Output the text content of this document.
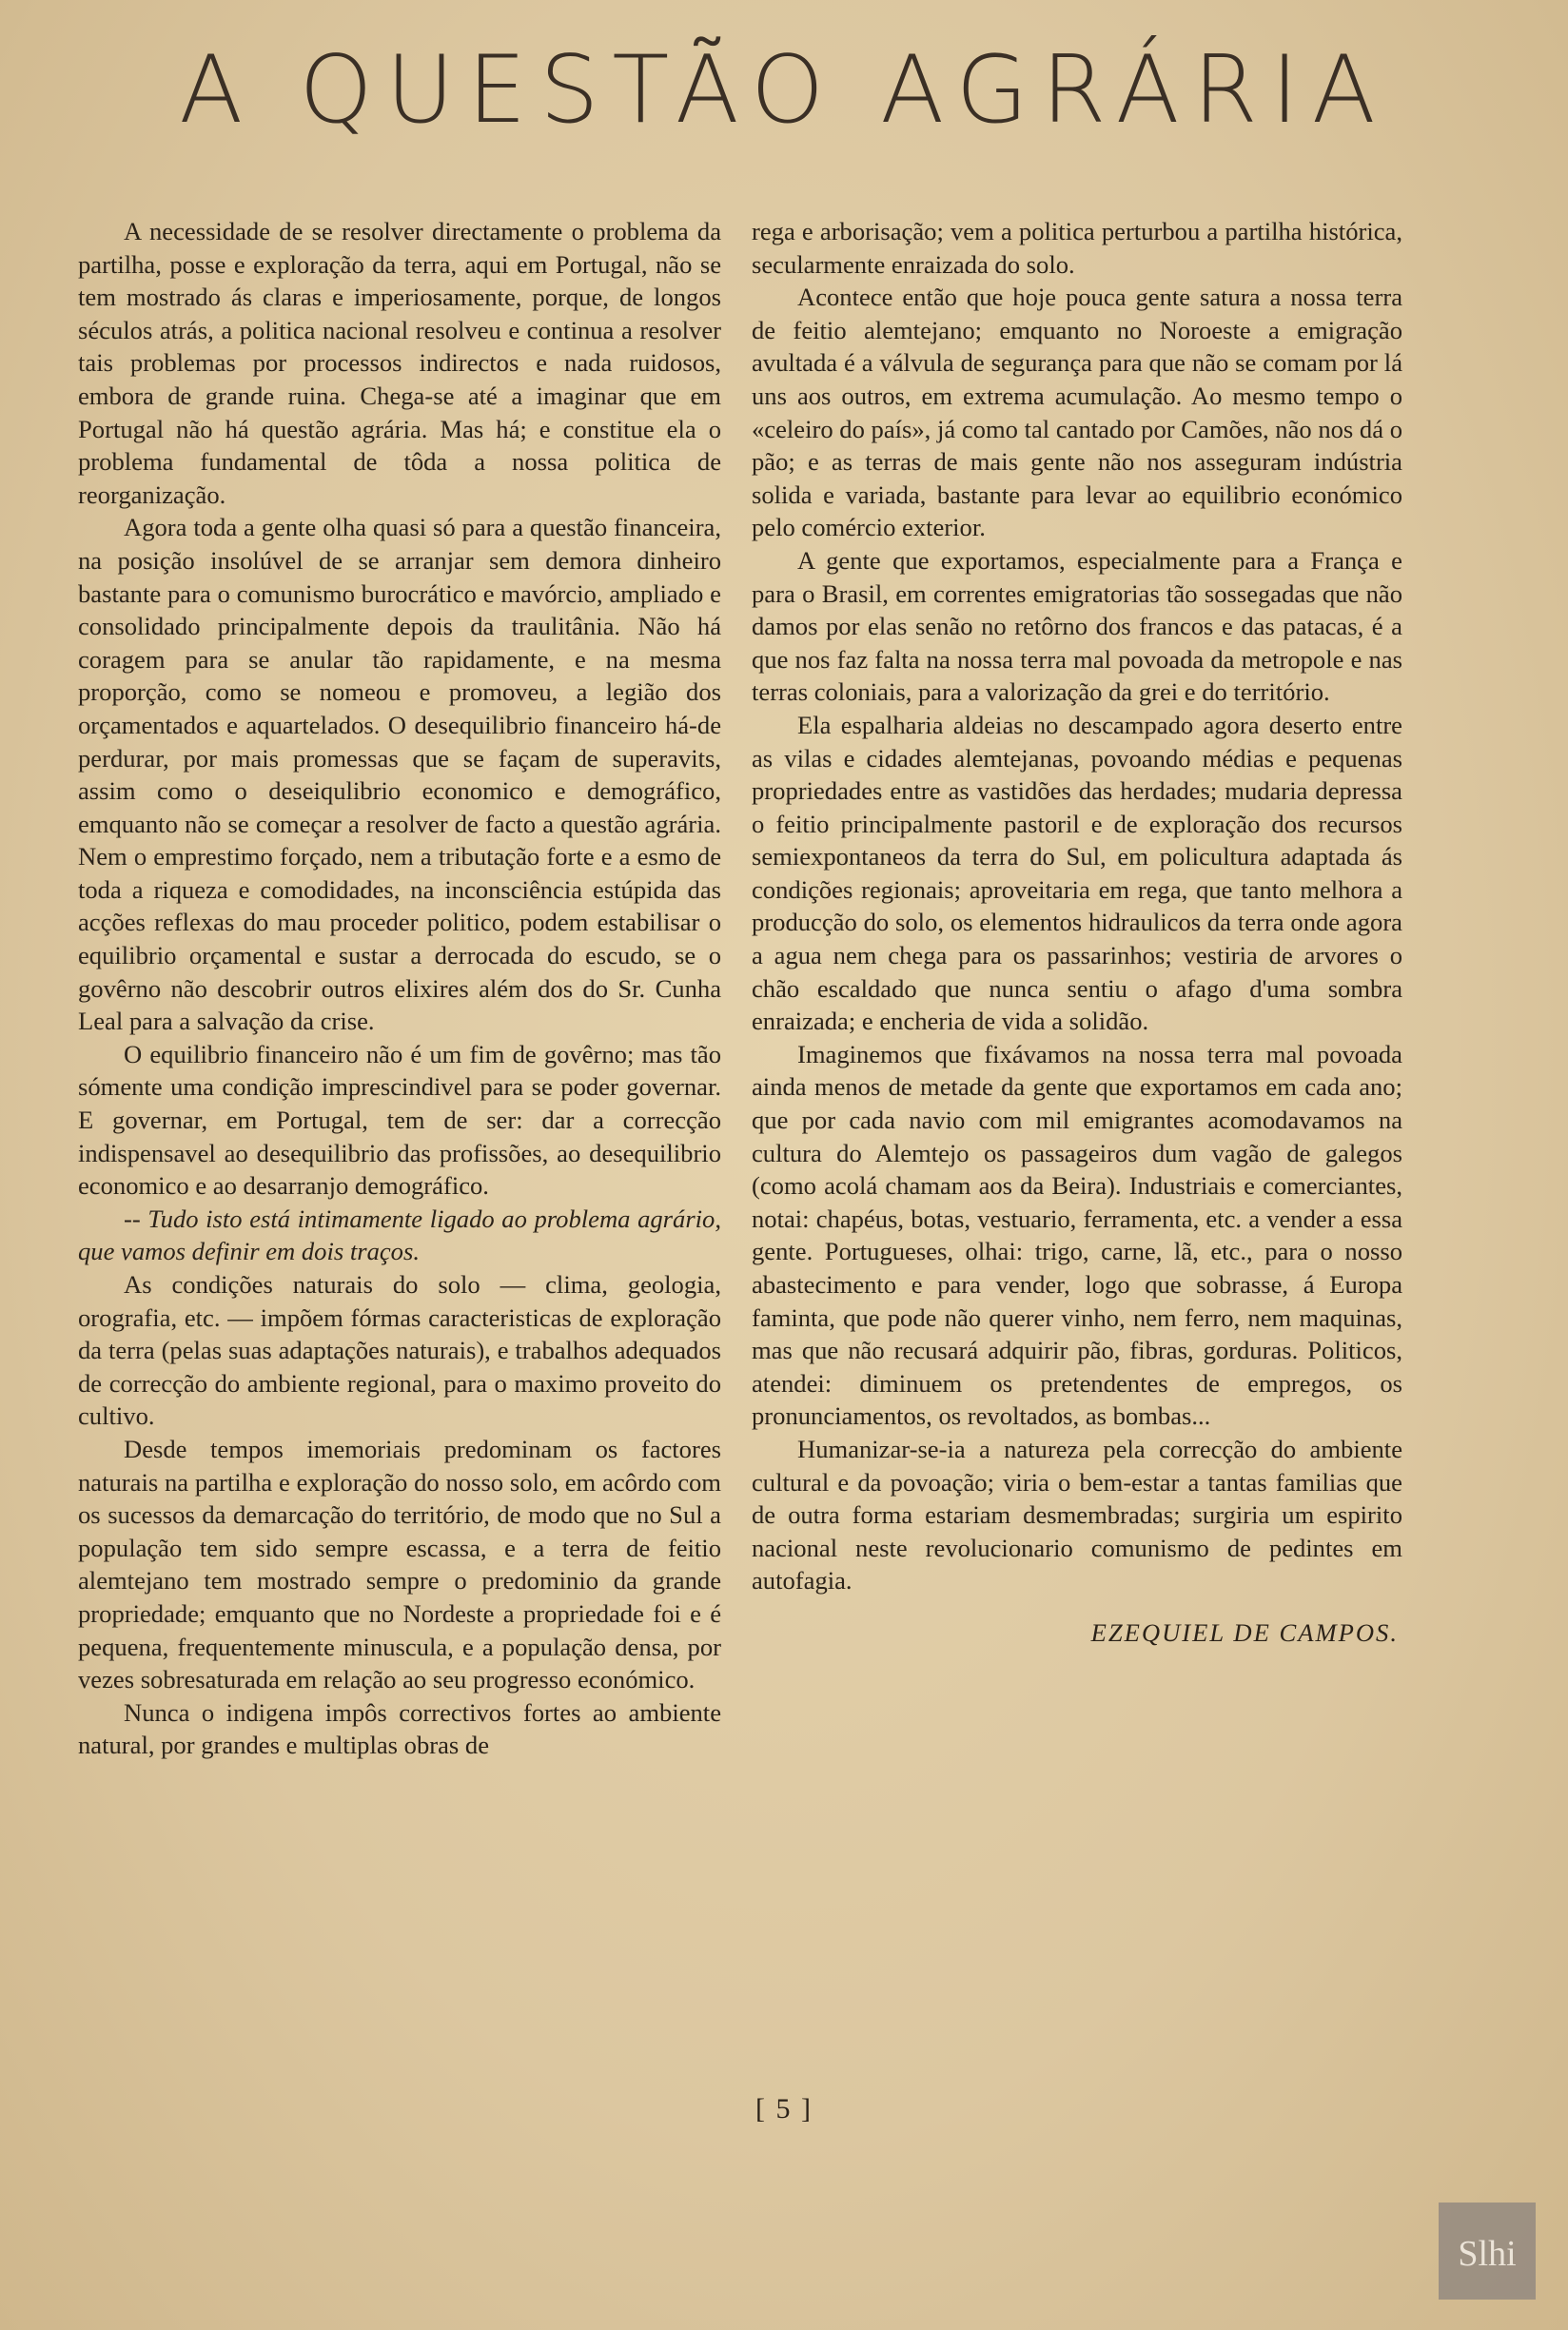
A QUESTÃO AGRÁRIA

A necessidade de se resolver directamente o problema da partilha, posse e exploração da terra, aqui em Portugal, não se tem mostrado ás claras e imperiosamente, porque, de longos séculos atrás, a politica nacional resolveu e continua a resolver tais problemas por processos indirectos e nada ruidosos, embora de grande ruina. Chega-se até a imaginar que em Portugal não há questão agrária. Mas há; e constitue ela o problema fundamental de tôda a nossa politica de reorganização.

Agora toda a gente olha quasi só para a questão financeira, na posição insolúvel de se arranjar sem demora dinheiro bastante para o comunismo burocrático e mavórcio, ampliado e consolidado principalmente depois da traulitânia. Não há coragem para se anular tão rapidamente, e na mesma proporção, como se nomeou e promoveu, a legião dos orçamentados e aquartelados. O desequilibrio financeiro há-de perdurar, por mais promessas que se façam de superavits, assim como o deseiqulibrio economico e demográfico, emquanto não se começar a resolver de facto a questão agrária. Nem o emprestimo forçado, nem a tributação forte e a esmo de toda a riqueza e comodidades, na inconsciência estúpida das acções reflexas do mau proceder politico, podem estabilisar o equilibrio orçamental e sustar a derrocada do escudo, se o govêrno não descobrir outros elixires além dos do Sr. Cunha Leal para a salvação da crise.

O equilibrio financeiro não é um fim de govêrno; mas tão sómente uma condição imprescindivel para se poder governar. E governar, em Portugal, tem de ser: dar a correcção indispensavel ao desequilibrio das profissões, ao desequilibrio economico e ao desarranjo demográfico.

-- Tudo isto está intimamente ligado ao problema agrário, que vamos definir em dois traços.

As condições naturais do solo — clima, geologia, orografia, etc. — impõem fórmas caracteristicas de exploração da terra (pelas suas adaptações naturais), e trabalhos adequados de correcção do ambiente regional, para o maximo proveito do cultivo.

Desde tempos imemoriais predominam os factores naturais na partilha e exploração do nosso solo, em acôrdo com os sucessos da demarcação do território, de modo que no Sul a população tem sido sempre escassa, e a terra de feitio alemtejano tem mostrado sempre o predominio da grande propriedade; emquanto que no Nordeste a propriedade foi e é pequena, frequentemente minuscula, e a população densa, por vezes sobresaturada em relação ao seu progresso económico.

Nunca o indigena impôs correctivos fortes ao ambiente natural, por grandes e multiplas obras de

rega e arborisação; vem a politica perturbou a partilha histórica, secularmente enraizada do solo.

Acontece então que hoje pouca gente satura a nossa terra de feitio alemtejano; emquanto no Noroeste a emigração avultada é a válvula de segurança para que não se comam por lá uns aos outros, em extrema acumulação. Ao mesmo tempo o «celeiro do país», já como tal cantado por Camões, não nos dá o pão; e as terras de mais gente não nos asseguram indústria solida e variada, bastante para levar ao equilibrio económico pelo comércio exterior.

A gente que exportamos, especialmente para a França e para o Brasil, em correntes emigratorias tão sossegadas que não damos por elas senão no retôrno dos francos e das patacas, é a que nos faz falta na nossa terra mal povoada da metropole e nas terras coloniais, para a valorização da grei e do território.

Ela espalharia aldeias no descampado agora deserto entre as vilas e cidades alemtejanas, povoando médias e pequenas propriedades entre as vastidões das herdades; mudaria depressa o feitio principalmente pastoril e de exploração dos recursos semiexpontaneos da terra do Sul, em policultura adaptada ás condições regionais; aproveitaria em rega, que tanto melhora a producção do solo, os elementos hidraulicos da terra onde agora a agua nem chega para os passarinhos; vestiria de arvores o chão escaldado que nunca sentiu o afago d'uma sombra enraizada; e encheria de vida a solidão.

Imaginemos que fixávamos na nossa terra mal povoada ainda menos de metade da gente que exportamos em cada ano; que por cada navio com mil emigrantes acomodavamos na cultura do Alemtejo os passageiros dum vagão de galegos (como acolá chamam aos da Beira). Industriais e comerciantes, notai: chapéus, botas, vestuario, ferramenta, etc. a vender a essa gente. Portugueses, olhai: trigo, carne, lã, etc., para o nosso abastecimento e para vender, logo que sobrasse, á Europa faminta, que pode não querer vinho, nem ferro, nem maquinas, mas que não recusará adquirir pão, fibras, gorduras. Politicos, atendei: diminuem os pretendentes de empregos, os pronunciamentos, os revoltados, as bombas...

Humanizar-se-ia a natureza pela correcção do ambiente cultural e da povoação; viria o bem-estar a tantas familias que de outra forma estariam desmembradas; surgiria um espirito nacional neste revolucionario comunismo de pedintes em autofagia.

EZEQUIEL DE CAMPOS.
[ 5 ]
Slhi
